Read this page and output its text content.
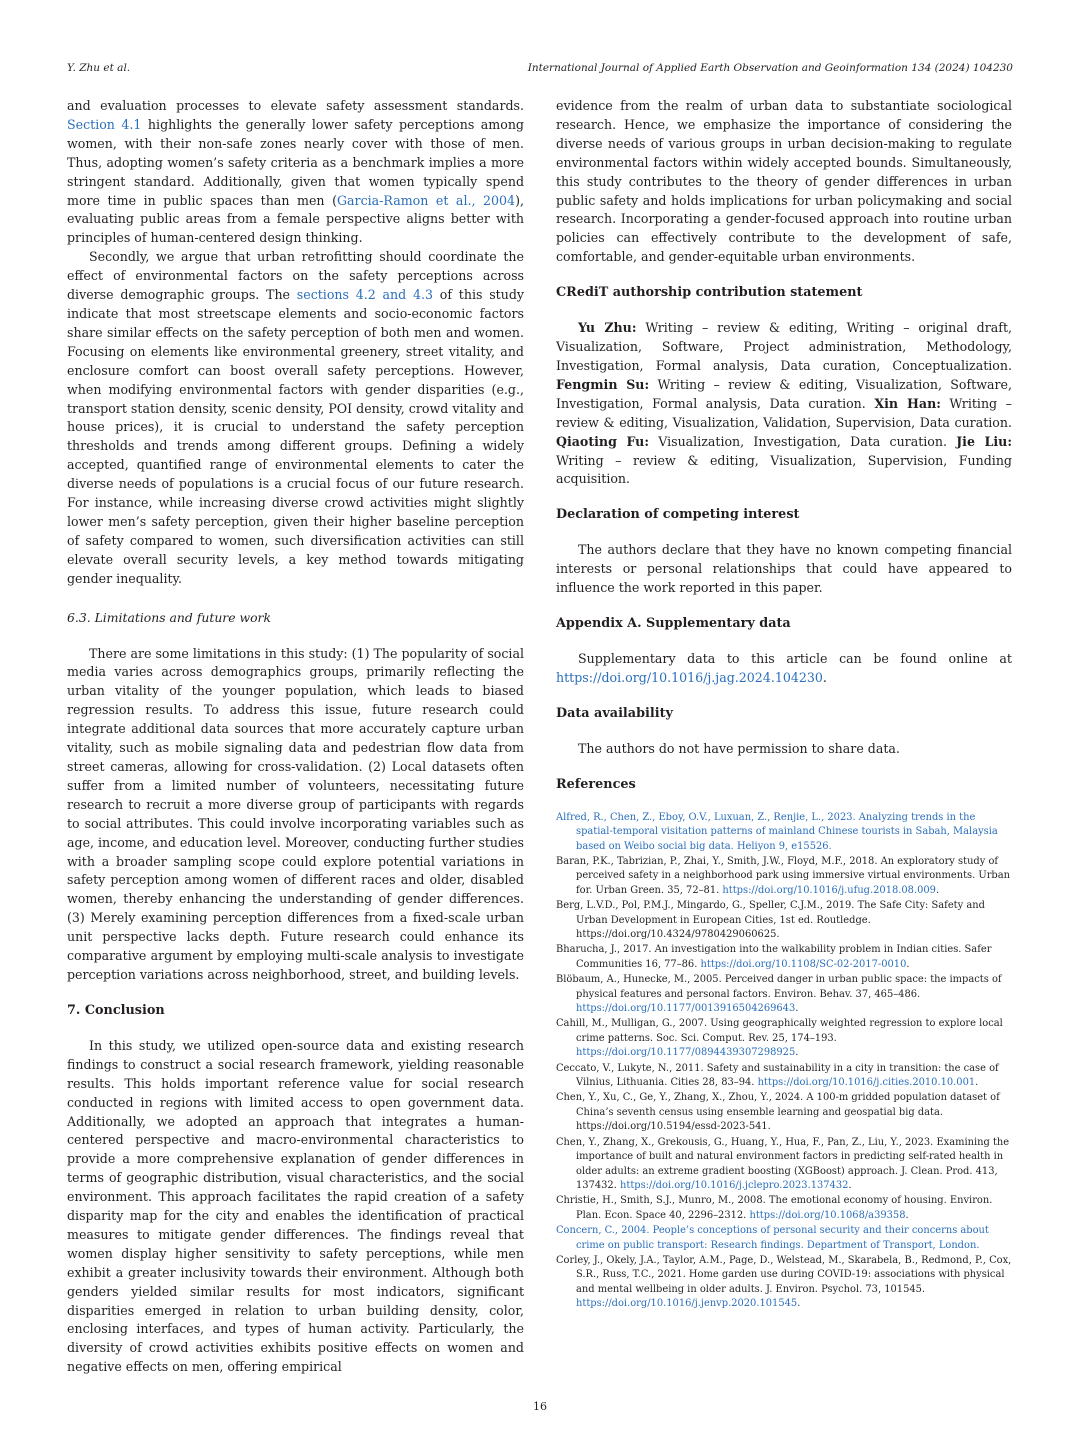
Y. Zhu et al.	International Journal of Applied Earth Observation and Geoinformation 134 (2024) 104230

and evaluation processes to elevate safety assessment standards. Section 4.1 highlights the generally lower safety perceptions among women, with their non-safe zones nearly cover with those of men. Thus, adopting women’s safety criteria as a benchmark implies a more stringent standard. Additionally, given that women typically spend more time in public spaces than men (Garcia-Ramon et al., 2004), evaluating public areas from a female perspective aligns better with principles of human-centered design thinking.

Secondly, we argue that urban retrofitting should coordinate the effect of environmental factors on the safety perceptions across diverse demographic groups. The sections 4.2 and 4.3 of this study indicate that most streetscape elements and socio-economic factors share similar effects on the safety perception of both men and women. Focusing on elements like environmental greenery, street vitality, and enclosure comfort can boost overall safety perceptions. However, when modifying environmental factors with gender disparities (e.g., transport station density, scenic density, POI density, crowd vitality and house prices), it is crucial to understand the safety perception thresholds and trends among different groups. Defining a widely accepted, quantified range of environmental elements to cater the diverse needs of populations is a crucial focus of our future research. For instance, while increasing diverse crowd activities might slightly lower men’s safety perception, given their higher baseline perception of safety compared to women, such diversification activities can still elevate overall security levels, a key method towards mitigating gender inequality.

6.3. Limitations and future work

There are some limitations in this study: (1) The popularity of social media varies across demographics groups, primarily reflecting the urban vitality of the younger population, which leads to biased regression results. To address this issue, future research could integrate additional data sources that more accurately capture urban vitality, such as mobile signaling data and pedestrian flow data from street cameras, allowing for cross-validation. (2) Local datasets often suffer from a limited number of volunteers, necessitating future research to recruit a more diverse group of participants with regards to social attributes. This could involve incorporating variables such as age, income, and education level. Moreover, conducting further studies with a broader sampling scope could explore potential variations in safety perception among women of different races and older, disabled women, thereby enhancing the understanding of gender differences. (3) Merely examining perception differences from a fixed-scale urban unit perspective lacks depth. Future research could enhance its comparative argument by employing multi-scale analysis to investigate perception variations across neighborhood, street, and building levels.

7. Conclusion

In this study, we utilized open-source data and existing research findings to construct a social research framework, yielding reasonable results. This holds important reference value for social research conducted in regions with limited access to open government data. Additionally, we adopted an approach that integrates a human-centered perspective and macro-environmental characteristics to provide a more comprehensive explanation of gender differences in terms of geographic distribution, visual characteristics, and the social environment. This approach facilitates the rapid creation of a safety disparity map for the city and enables the identification of practical measures to mitigate gender differences. The findings reveal that women display higher sensitivity to safety perceptions, while men exhibit a greater inclusivity towards their environment. Although both genders yielded similar results for most indicators, significant disparities emerged in relation to urban building density, color, enclosing interfaces, and types of human activity. Particularly, the diversity of crowd activities exhibits positive effects on women and negative effects on men, offering empirical

evidence from the realm of urban data to substantiate sociological research. Hence, we emphasize the importance of considering the diverse needs of various groups in urban decision-making to regulate environmental factors within widely accepted bounds. Simultaneously, this study contributes to the theory of gender differences in urban public safety and holds implications for urban policymaking and social research. Incorporating a gender-focused approach into routine urban policies can effectively contribute to the development of safe, comfortable, and gender-equitable urban environments.

CRediT authorship contribution statement

Yu Zhu: Writing – review & editing, Writing – original draft, Visualization, Software, Project administration, Methodology, Investigation, Formal analysis, Data curation, Conceptualization. Fengmin Su: Writing – review & editing, Visualization, Software, Investigation, Formal analysis, Data curation. Xin Han: Writing – review & editing, Visualization, Validation, Supervision, Data curation. Qiaoting Fu: Visualization, Investigation, Data curation. Jie Liu: Writing – review & editing, Visualization, Supervision, Funding acquisition.

Declaration of competing interest

The authors declare that they have no known competing financial interests or personal relationships that could have appeared to influence the work reported in this paper.

Appendix A. Supplementary data

Supplementary data to this article can be found online at https://doi.org/10.1016/j.jag.2024.104230.

Data availability

The authors do not have permission to share data.

References
Alfred, R., Chen, Z., Eboy, O.V., Luxuan, Z., Renjie, L., 2023. Analyzing trends in the spatial-temporal visitation patterns of mainland Chinese tourists in Sabah, Malaysia based on Weibo social big data. Heliyon 9, e15526.
Baran, P.K., Tabrizian, P., Zhai, Y., Smith, J.W., Floyd, M.F., 2018. An exploratory study of perceived safety in a neighborhood park using immersive virtual environments. Urban for. Urban Green. 35, 72–81. https://doi.org/10.1016/j.ufug.2018.08.009.
Berg, L.V.D., Pol, P.M.J., Mingardo, G., Speller, C.J.M., 2019. The Safe City: Safety and Urban Development in European Cities, 1st ed. Routledge. https://doi.org/10.4324/9780429060625.
Bharucha, J., 2017. An investigation into the walkability problem in Indian cities. Safer Communities 16, 77–86. https://doi.org/10.1108/SC-02-2017-0010.
Blöbaum, A., Hunecke, M., 2005. Perceived danger in urban public space: the impacts of physical features and personal factors. Environ. Behav. 37, 465–486. https://doi.org/10.1177/0013916504269643.
Cahill, M., Mulligan, G., 2007. Using geographically weighted regression to explore local crime patterns. Soc. Sci. Comput. Rev. 25, 174–193. https://doi.org/10.1177/0894439307298925.
Ceccato, V., Lukyte, N., 2011. Safety and sustainability in a city in transition: the case of Vilnius, Lithuania. Cities 28, 83–94. https://doi.org/10.1016/j.cities.2010.10.001.
Chen, Y., Xu, C., Ge, Y., Zhang, X., Zhou, Y., 2024. A 100-m gridded population dataset of China’s seventh census using ensemble learning and geospatial big data. https://doi.org/10.5194/essd-2023-541.
Chen, Y., Zhang, X., Grekousis, G., Huang, Y., Hua, F., Pan, Z., Liu, Y., 2023. Examining the importance of built and natural environment factors in predicting self-rated health in older adults: an extreme gradient boosting (XGBoost) approach. J. Clean. Prod. 413, 137432. https://doi.org/10.1016/j.jclepro.2023.137432.
Christie, H., Smith, S.J., Munro, M., 2008. The emotional economy of housing. Environ. Plan. Econ. Space 40, 2296–2312. https://doi.org/10.1068/a39358.
Concern, C., 2004. People’s conceptions of personal security and their concerns about crime on public transport: Research findings. Department of Transport, London.
Corley, J., Okely, J.A., Taylor, A.M., Page, D., Welstead, M., Skarabela, B., Redmond, P., Cox, S.R., Russ, T.C., 2021. Home garden use during COVID-19: associations with physical and mental wellbeing in older adults. J. Environ. Psychol. 73, 101545. https://doi.org/10.1016/j.jenvp.2020.101545.
16
